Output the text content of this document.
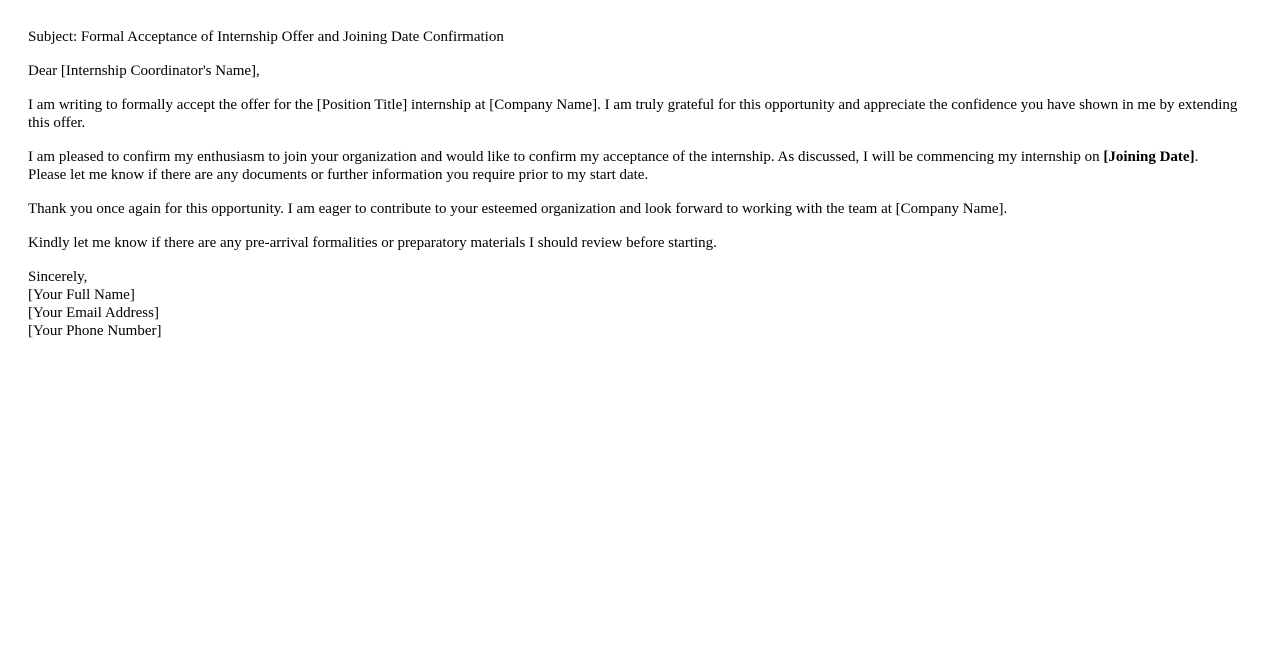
Subject: Formal Acceptance of Internship Offer and Joining Date Confirmation

Dear [Internship Coordinator's Name],

I am writing to formally accept the offer for the [Position Title] internship at [Company Name]. I am truly grateful for this opportunity and appreciate the confidence you have shown in me by extending this offer.

I am pleased to confirm my enthusiasm to join your organization and would like to confirm my acceptance of the internship. As discussed, I will be commencing my internship on [Joining Date]. Please let me know if there are any documents or further information you require prior to my start date.

Thank you once again for this opportunity. I am eager to contribute to your esteemed organization and look forward to working with the team at [Company Name].

Kindly let me know if there are any pre-arrival formalities or preparatory materials I should review before starting.

Sincerely,
[Your Full Name]
[Your Email Address]
[Your Phone Number]
